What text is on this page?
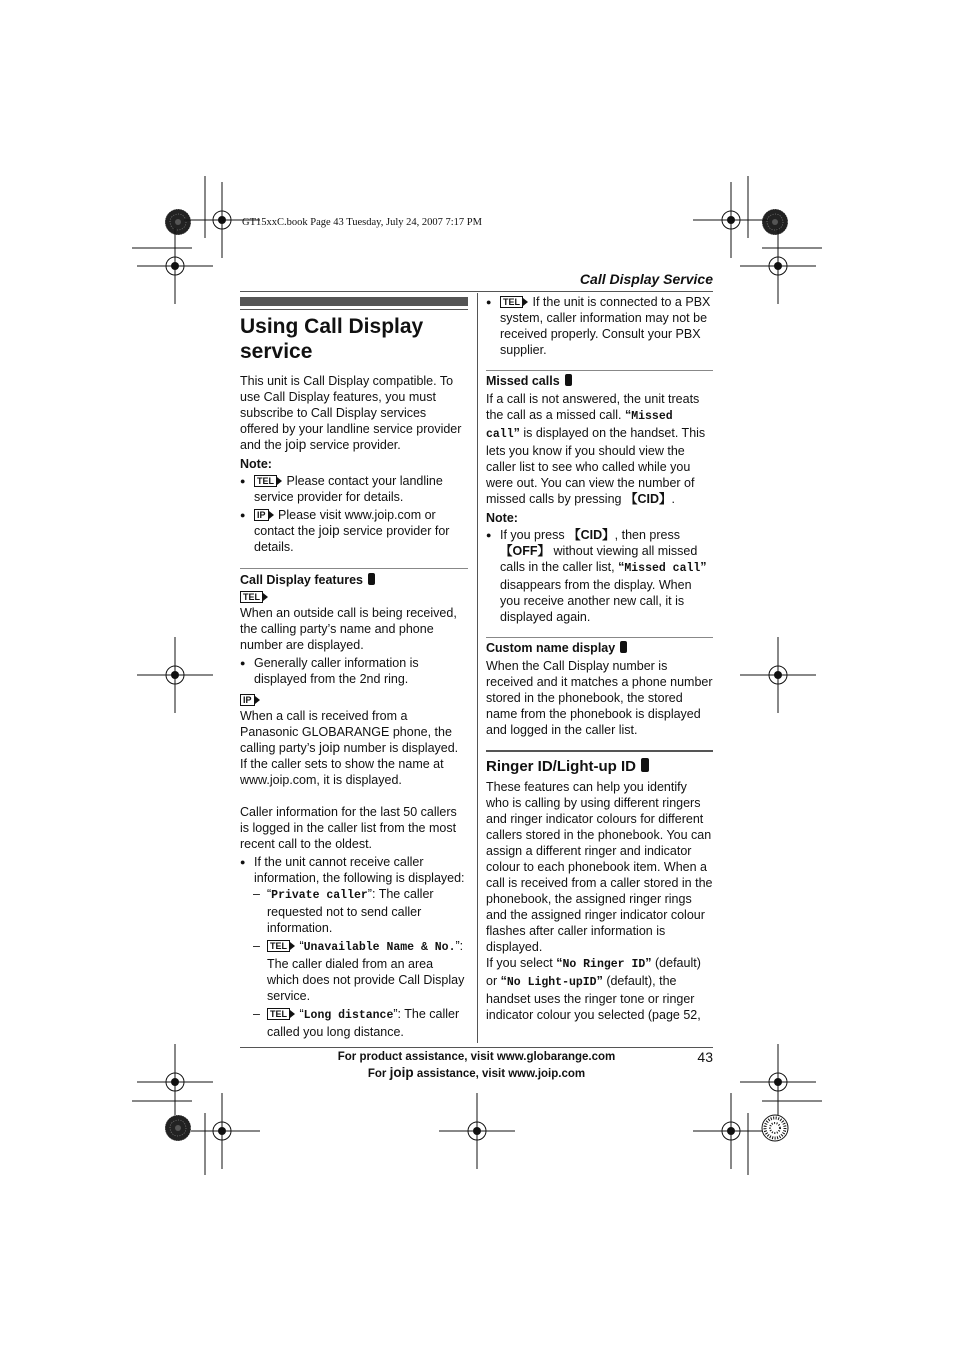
GT15xxC.book Page 43 Tuesday, July 24, 2007 7:17 PM
Call Display Service
Using Call Display service
This unit is Call Display compatible. To use Call Display features, you must subscribe to Call Display services offered by your landline service provider and the joip service provider.
Note:
● TEL Please contact your landline service provider for details.
● IP Please visit www.joip.com or contact the joip service provider for details.
Call Display features
TEL
When an outside call is being received, the calling party’s name and phone number are displayed.
● Generally caller information is displayed from the 2nd ring.
IP
When a call is received from a Panasonic GLOBARANGE phone, the calling party’s joip number is displayed. If the caller sets to show the name at www.joip.com, it is displayed.
Caller information for the last 50 callers is logged in the caller list from the most recent call to the oldest.
● If the unit cannot receive caller information, the following is displayed:
– “Private caller”: The caller requested not to send caller information.
– TEL “Unavailable Name & No.”: The caller dialed from an area which does not provide Call Display service.
– TEL “Long distance”: The caller called you long distance.
● TEL If the unit is connected to a PBX system, caller information may not be received properly. Consult your PBX supplier.
Missed calls
If a call is not answered, the unit treats the call as a missed call. “Missed call” is displayed on the handset. This lets you know if you should view the caller list to see who called while you were out. You can view the number of missed calls by pressing 【CID】.
Note:
● If you press 【CID】, then press 【OFF】 without viewing all missed calls in the caller list, “Missed call” disappears from the display. When you receive another new call, it is displayed again.
Custom name display
When the Call Display number is received and it matches a phone number stored in the phonebook, the stored name from the phonebook is displayed and logged in the caller list.
Ringer ID/Light-up ID
These features can help you identify who is calling by using different ringers and ringer indicator colours for different callers stored in the phonebook. You can assign a different ringer and indicator colour to each phonebook item. When a call is received from a caller stored in the phonebook, the assigned ringer rings and the assigned ringer indicator colour flashes after caller information is displayed.
If you select “No Ringer ID” (default) or “No Light-upID” (default), the handset uses the ringer tone or ringer indicator colour you selected (page 52,
For product assistance, visit www.globarange.com
For joip assistance, visit www.joip.com
43
